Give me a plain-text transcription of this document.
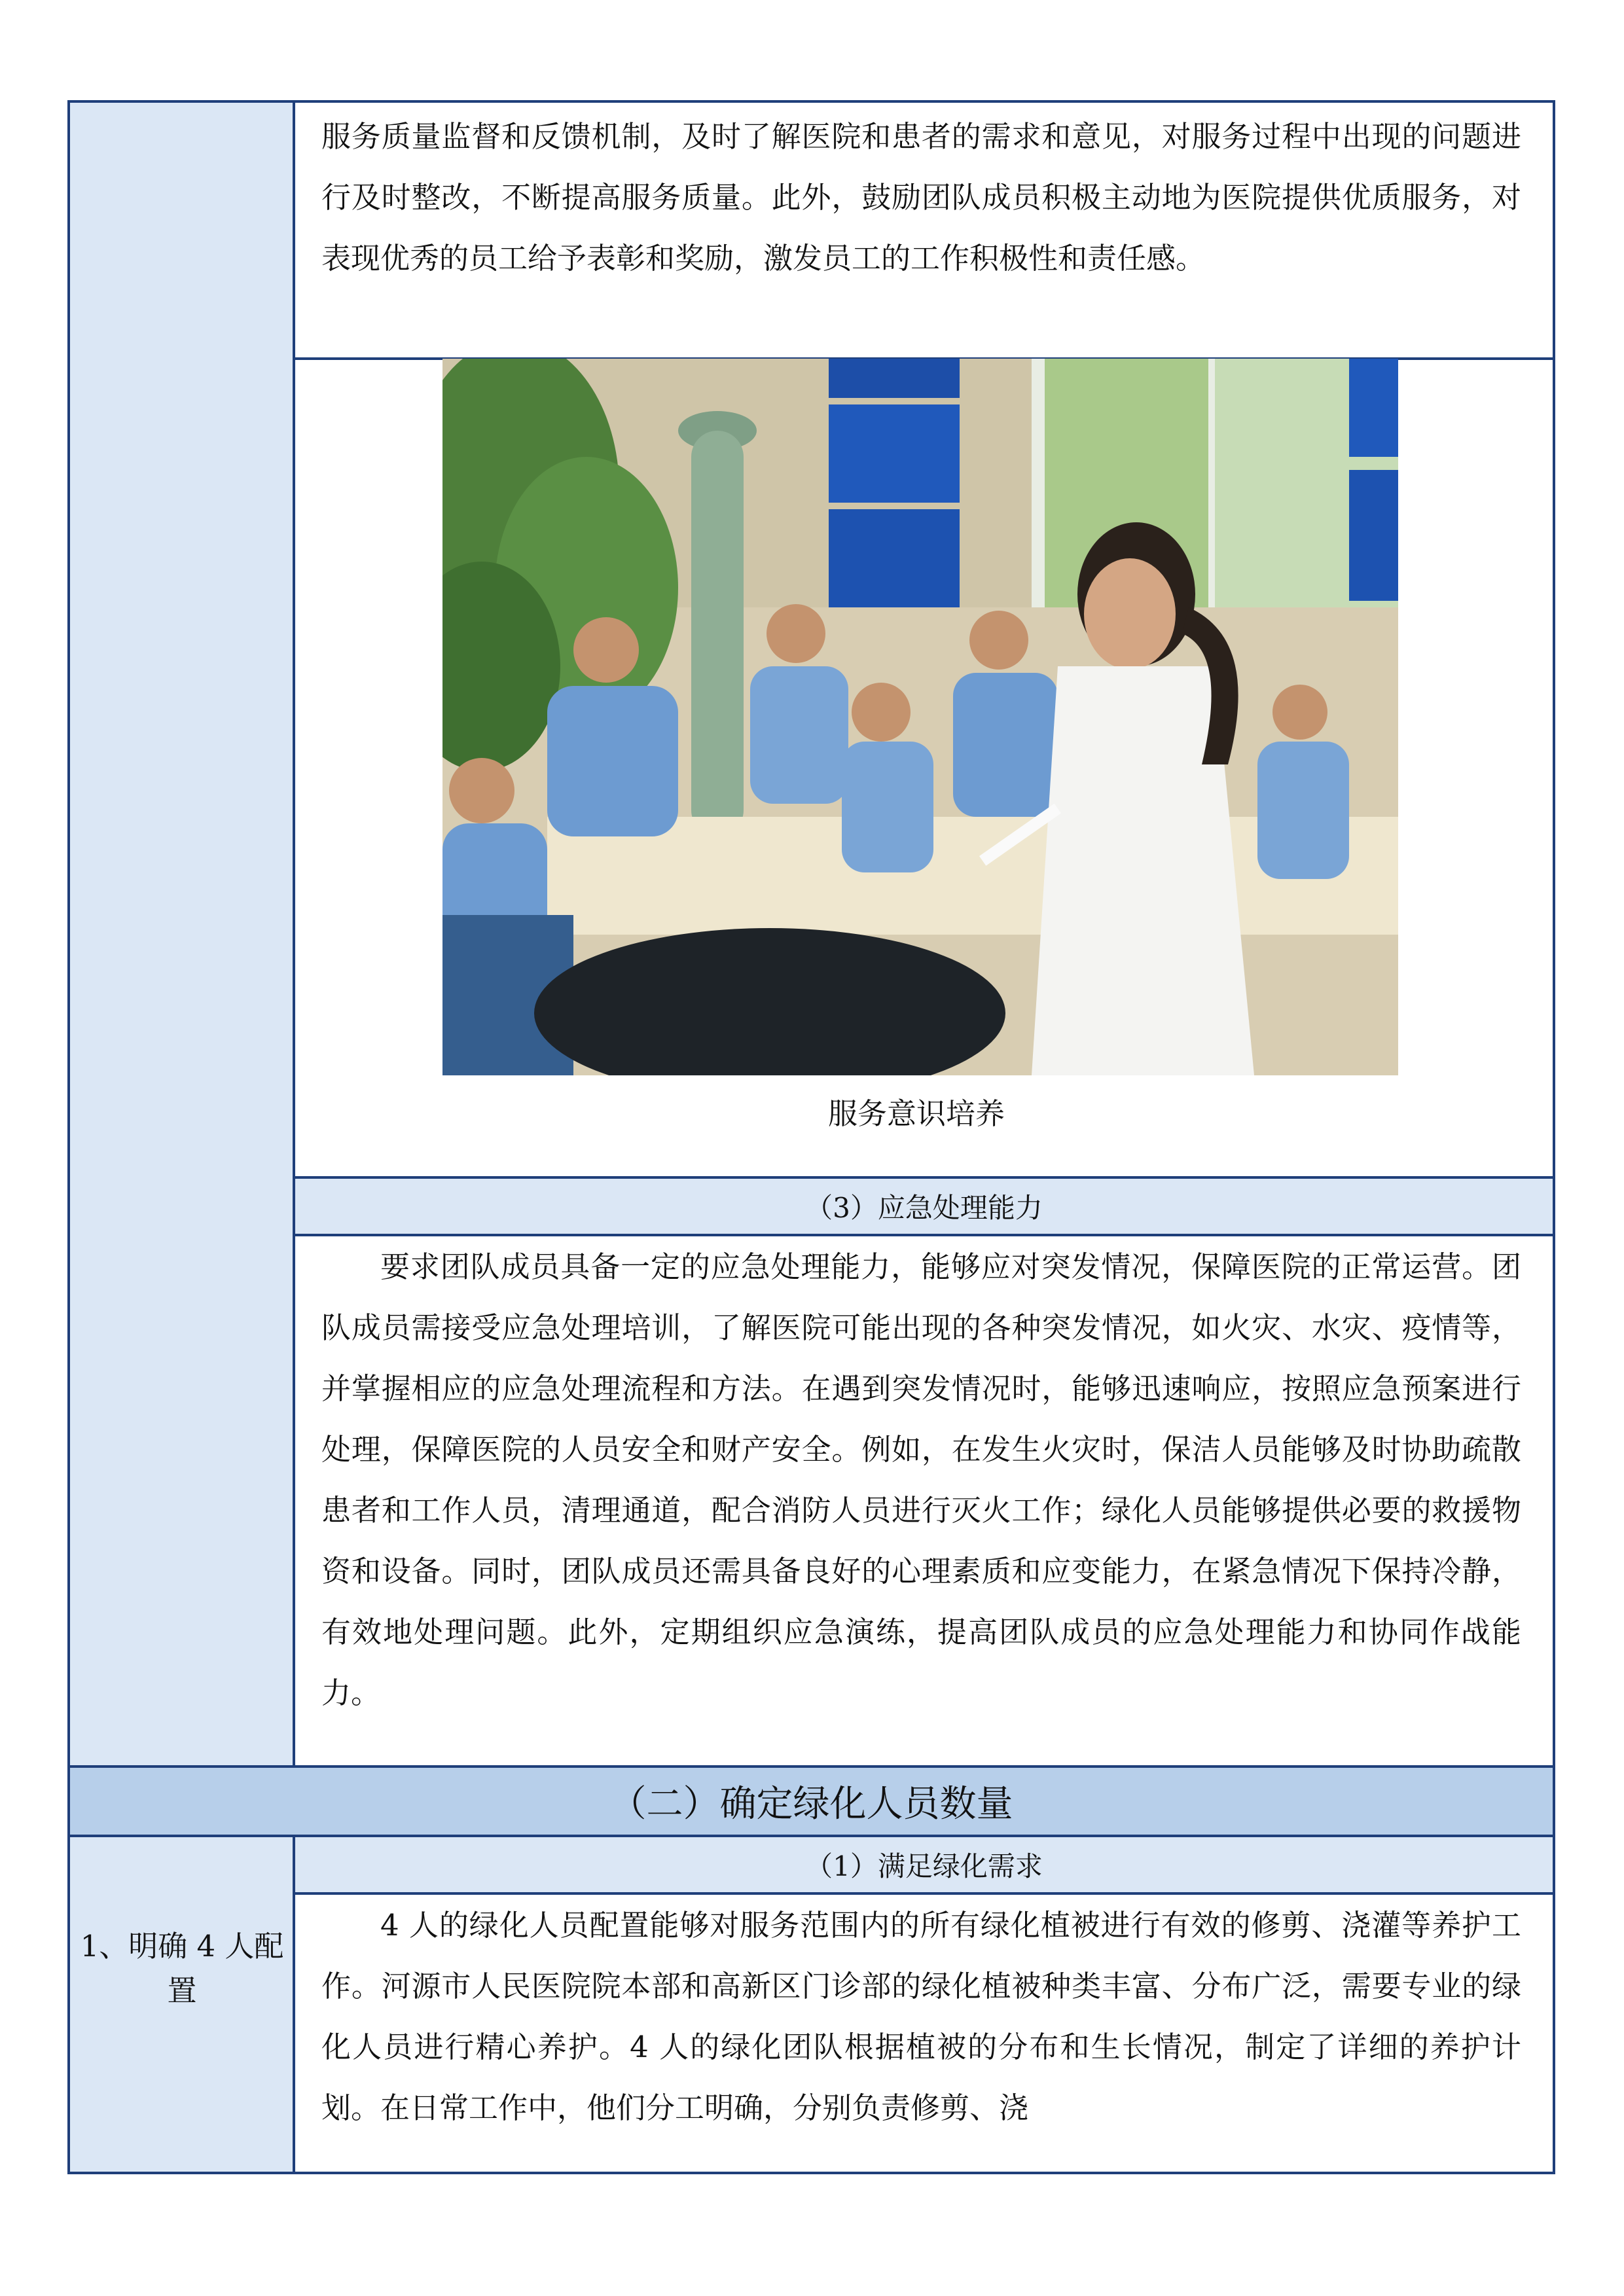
服务质量监督和反馈机制，及时了解医院和患者的需求和意见，对服务过程中出现的问题进行及时整改，不断提高服务质量。此外，鼓励团队成员积极主动地为医院提供优质服务，对表现优秀的员工给予表彰和奖励，激发员工的工作积极性和责任感。

服务意识培养
（3）应急处理能力

要求团队成员具备一定的应急处理能力，能够应对突发情况，保障医院的正常运营。团队成员需接受应急处理培训，了解医院可能出现的各种突发情况，如火灾、水灾、疫情等，并掌握相应的应急处理流程和方法。在遇到突发情况时，能够迅速响应，按照应急预案进行处理，保障医院的人员安全和财产安全。例如，在发生火灾时，保洁人员能够及时协助疏散患者和工作人员，清理通道，配合消防人员进行灭火工作；绿化人员能够提供必要的救援物资和设备。同时，团队成员还需具备良好的心理素质和应变能力，在紧急情况下保持冷静，有效地处理问题。此外，定期组织应急演练，提高团队成员的应急处理能力和协同作战能力。

（二）确定绿化人员数量
1、明确 4 人配置
（1）满足绿化需求

4 人的绿化人员配置能够对服务范围内的所有绿化植被进行有效的修剪、浇灌等养护工作。河源市人民医院院本部和高新区门诊部的绿化植被种类丰富、分布广泛，需要专业的绿化人员进行精心养护。4 人的绿化团队根据植被的分布和生长情况，制定了详细的养护计划。在日常工作中，他们分工明确，分别负责修剪、浇
